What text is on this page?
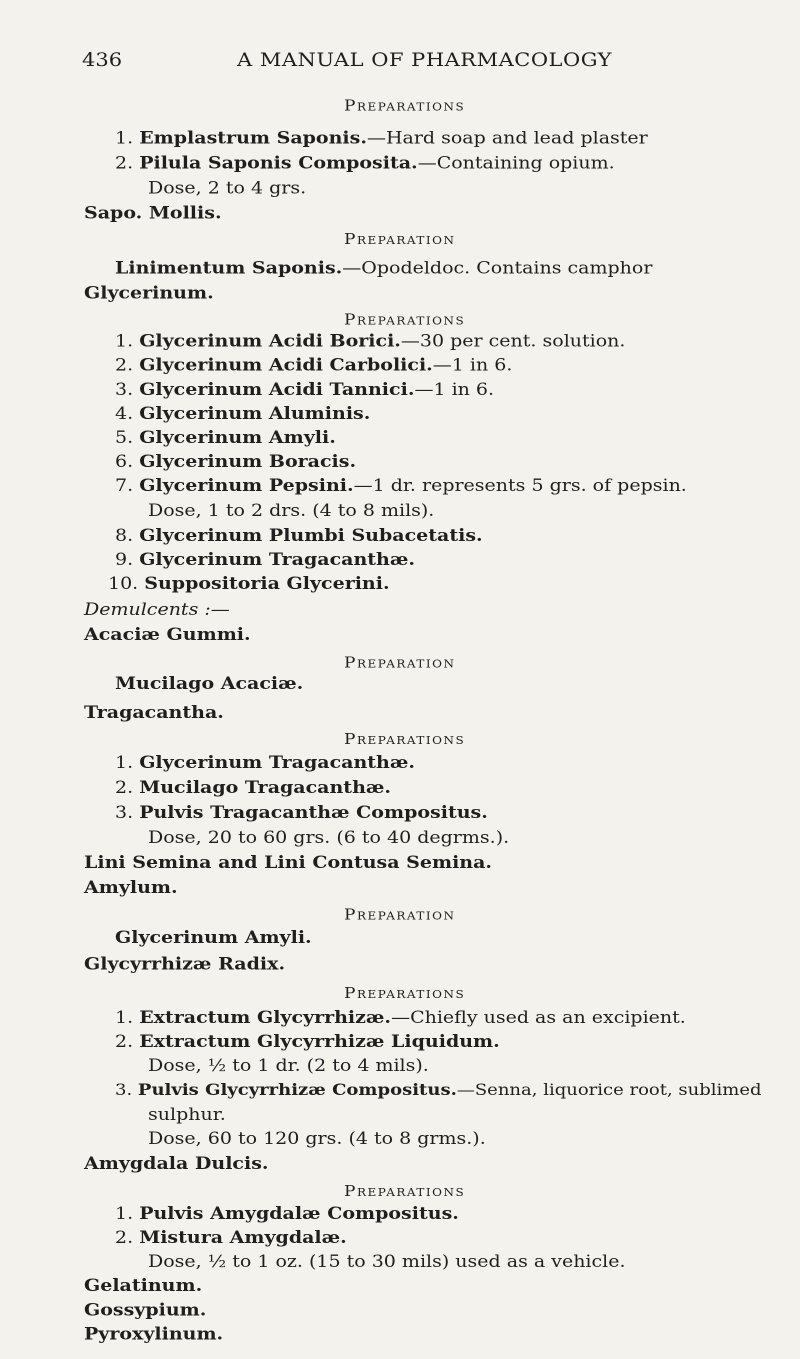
436	A MANUAL OF PHARMACOLOGY
Preparations
1. Emplastrum Saponis.—Hard soap and lead plaster
2. Pilula Saponis Composita.—Containing opium.
Dose, 2 to 4 grs.
Sapo. Mollis.
Preparation
Linimentum Saponis.—Opodeldoc. Contains camphor
Glycerinum.
Preparations
1. Glycerinum Acidi Borici.—30 per cent. solution.
2. Glycerinum Acidi Carbolici.—1 in 6.
3. Glycerinum Acidi Tannici.—1 in 6.
4. Glycerinum Aluminis.
5. Glycerinum Amyli.
6. Glycerinum Boracis.
7. Glycerinum Pepsini.—1 dr. represents 5 grs. of pepsin.
Dose, 1 to 2 drs. (4 to 8 mils).
8. Glycerinum Plumbi Subacetatis.
9. Glycerinum Tragacanthæ.
10. Suppositoria Glycerini.
Demulcents :—
Acaciæ Gummi.
Preparation
Mucilago Acaciæ.
Tragacantha.
Preparations
1. Glycerinum Tragacanthæ.
2. Mucilago Tragacanthæ.
3. Pulvis Tragacanthæ Compositus.
Dose, 20 to 60 grs. (6 to 40 degrms.).
Lini Semina and Lini Contusa Semina.
Amylum.
Preparation
Glycerinum Amyli.
Glycyrrhizæ Radix.
Preparations
1. Extractum Glycyrrhizæ.—Chiefly used as an excipient.
2. Extractum Glycyrrhizæ Liquidum.
Dose, ½ to 1 dr. (2 to 4 mils).
3. Pulvis Glycyrrhizæ Compositus.—Senna, liquorice root, sublimed
sulphur.
Dose, 60 to 120 grs. (4 to 8 grms.).
Amygdala Dulcis.
Preparations
1. Pulvis Amygdalæ Compositus.
2. Mistura Amygdalæ.
Dose, ½ to 1 oz. (15 to 30 mils) used as a vehicle.
Gelatinum.
Gossypium.
Pyroxylinum.
